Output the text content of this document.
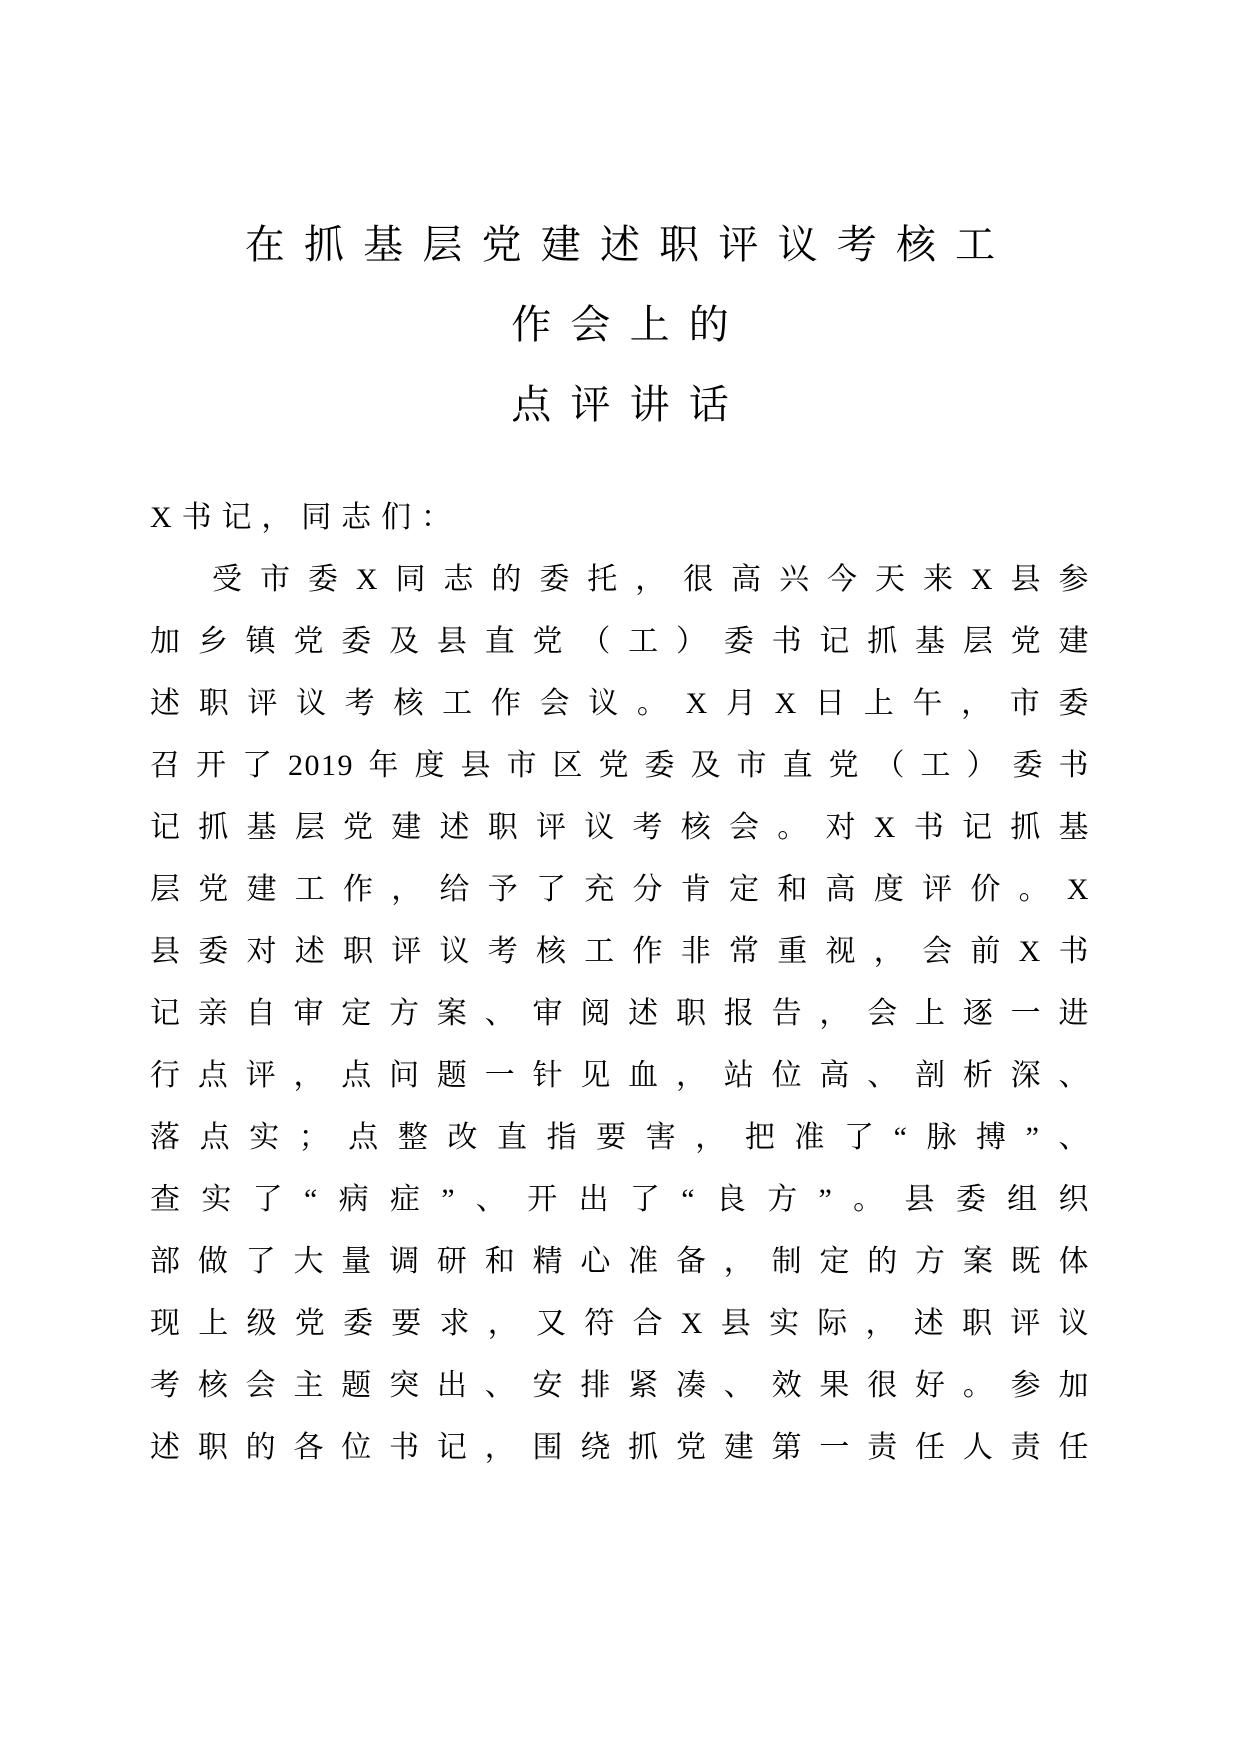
在抓基层党建述职评议考核工
作会上的
点评讲话

X书记，同志们：

受市委X同志的委托，很高兴今天来X县参
加乡镇党委及县直党（工）委书记抓基层党建
述职评议考核工作会议。X月X日上午，市委
召开了2019年度县市区党委及市直党（工）委书
记抓基层党建述职评议考核会。对X书记抓基
层党建工作，给予了充分肯定和高度评价。X
县委对述职评议考核工作非常重视，会前X书
记亲自审定方案、审阅述职报告，会上逐一进
行点评，点问题一针见血，站位高、剖析深、
落点实；点整改直指要害，把准了“脉搏”、
查实了“病症”、开出了“良方”。县委组织
部做了大量调研和精心准备，制定的方案既体
现上级党委要求，又符合X县实际，述职评议
考核会主题突出、安排紧凑、效果很好。参加
述职的各位书记，围绕抓党建第一责任人责任
